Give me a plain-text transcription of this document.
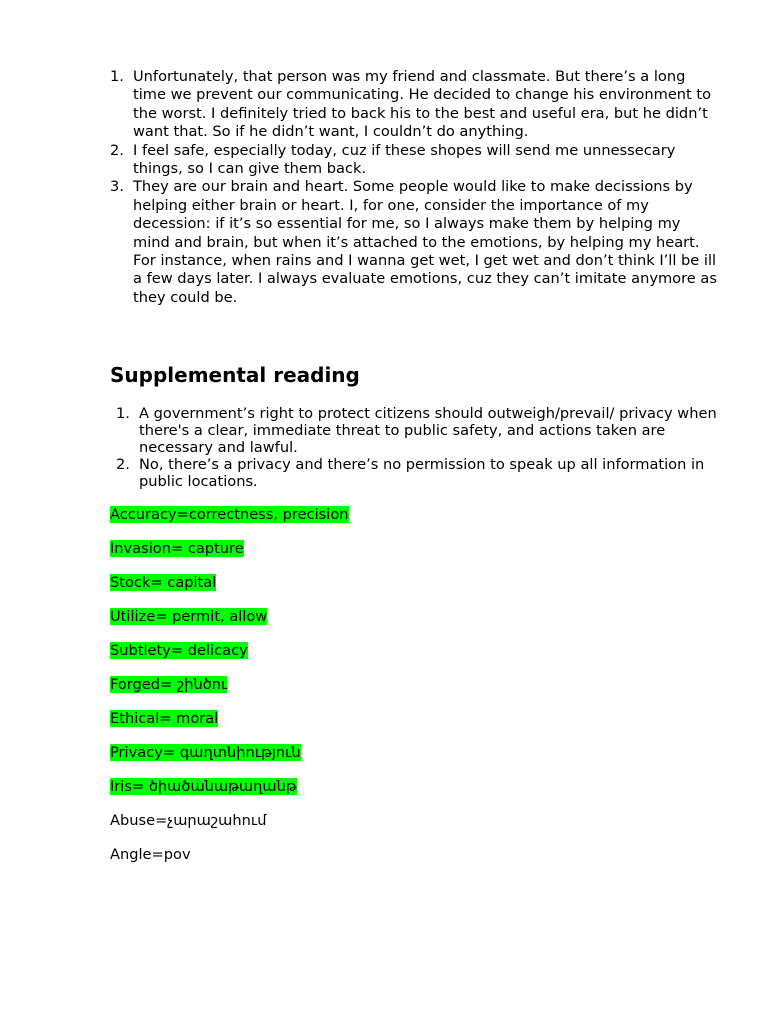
1. Unfortunately, that person was my friend and classmate. But there’s a long time we prevent our communicating. He decided to change his environment to the worst. I definitely tried to back his to the best and useful era, but he didn’t want that. So if he didn’t want, I couldn’t do anything.
2. I feel safe, especially today, cuz if these shopes will send me unnessecary things, so I can give them back.
3. They are our brain and heart. Some people would like to make decissions by helping either brain or heart. I, for one, consider the importance of my decession: if it’s so essential for me, so I always make them by helping my mind and brain, but when it’s attached to the emotions, by helping my heart. For instance, when rains and I wanna get wet, I get wet and don’t think I’ll be ill a few days later. I always evaluate emotions, cuz they can’t imitate anymore as they could be.
Supplemental reading
1. A government’s right to protect citizens should outweigh/prevail/ privacy when there's a clear, immediate threat to public safety, and actions taken are necessary and lawful.
2. No, there’s a privacy and there’s no permission to speak up all information in public locations.

Accuracy=correctness, precision

Invasion= capture

Stock= capital

Utilize= permit, allow

Subtlety= delicacy

Forged= շինծու

Ethical= moral

Privacy= գաղտնիություն

Iris= ծիածանաթաղանթ

Abuse=չարաշահում

Angle=pov
